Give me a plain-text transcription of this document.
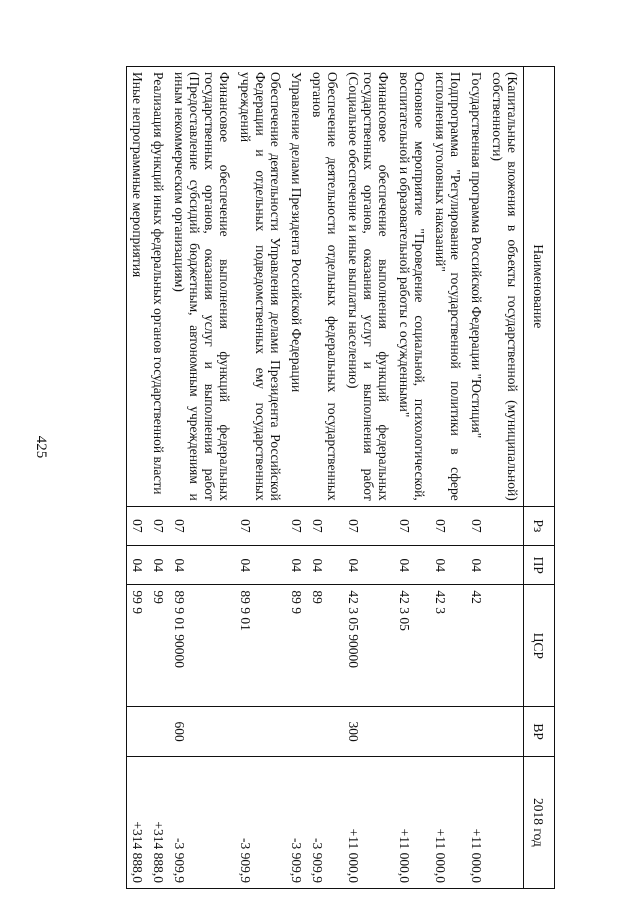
425
Наименование	Рз	ПР	ЦСР	ВР	2018 год
(Капитальные вложения в объекты государственной (муниципальной) собственности)					
Государственная программа Российской Федерации "Юстиция"	07	04	42		+11 000,0
Подпрограмма "Регулирование государственной политики в сфере исполнения уголовных наказаний"	07	04	42 3		+11 000,0
Основное мероприятие "Проведение социальной, психологической, воспитательной и образовательной работы с осужденными"	07	04	42 3 05		+11 000,0
Финансовое обеспечение выполнения функций федеральных государственных органов, оказания услуг и выполнения работ (Социальное обеспечение и иные выплаты населению)	07	04	42 3 05 90000	300	+11 000,0
Обеспечение деятельности отдельных федеральных государственных органов	07	04	89		-3 909,9
Управление делами Президента Российской Федерации	07	04	89 9		-3 909,9
Обеспечение деятельности Управления делами Президента Российской Федерации и отдельных подведомственных ему государственных учреждений	07	04	89 9 01		-3 909,9
Финансовое обеспечение выполнения функций федеральных государственных органов, оказания услуг и выполнения работ (Предоставление субсидий бюджетным, автономным учреждениям и иным некоммерческим организациям)	07	04	89 9 01 90000	600	-3 909,9
Реализация функций иных федеральных органов государственной власти	07	04	99		+314 888,0
Иные непрограммные мероприятия	07	04	99 9		+314 888,0
